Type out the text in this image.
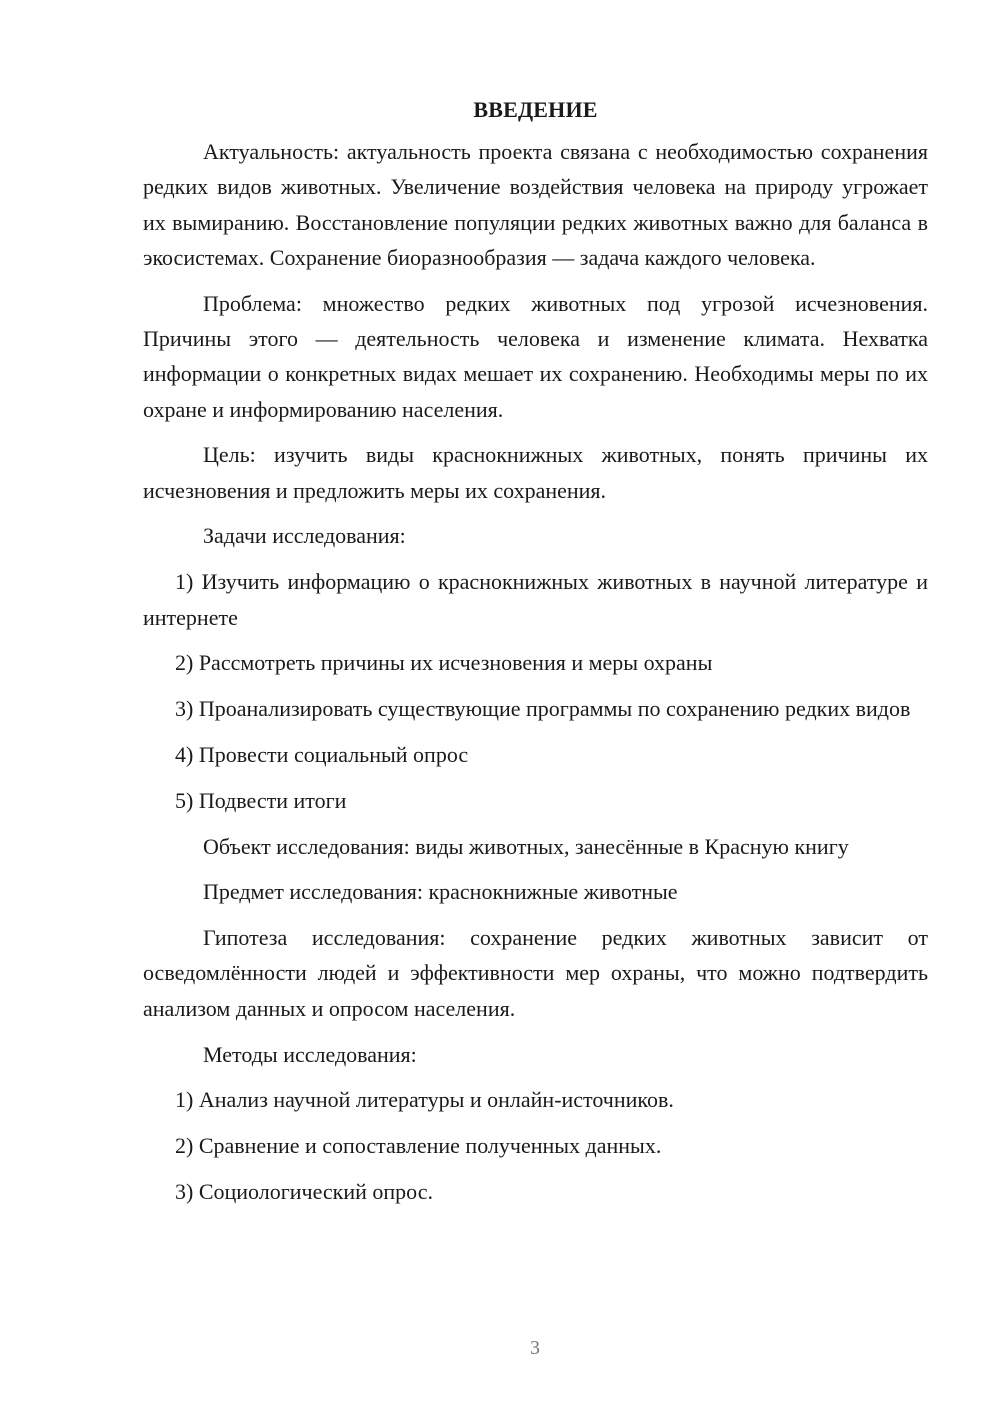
ВВЕДЕНИЕ

Актуальность: актуальность проекта связана с необходимостью сохранения редких видов животных. Увеличение воздействия человека на природу угрожает их вымиранию. Восстановление популяции редких животных важно для баланса в экосистемах. Сохранение биоразнообразия — задача каждого человека.

Проблема: множество редких животных под угрозой исчезновения. Причины этого — деятельность человека и изменение климата. Нехватка информации о конкретных видах мешает их сохранению. Необходимы меры по их охране и информированию населения.

Цель: изучить виды краснокнижных животных, понять причины их исчезновения и предложить меры их сохранения.

Задачи исследования:

1) Изучить информацию о краснокнижных животных в научной литературе и интернете

2) Рассмотреть причины их исчезновения и меры охраны

3) Проанализировать существующие программы по сохранению редких видов

4) Провести социальный опрос

5) Подвести итоги

Объект исследования: виды животных, занесённые в Красную книгу

Предмет исследования: краснокнижные животные

Гипотеза исследования: сохранение редких животных зависит от осведомлённости людей и эффективности мер охраны, что можно подтвердить анализом данных и опросом населения.

Методы исследования:

1) Анализ научной литературы и онлайн-источников.

2) Сравнение и сопоставление полученных данных.

3) Социологический опрос.

3
